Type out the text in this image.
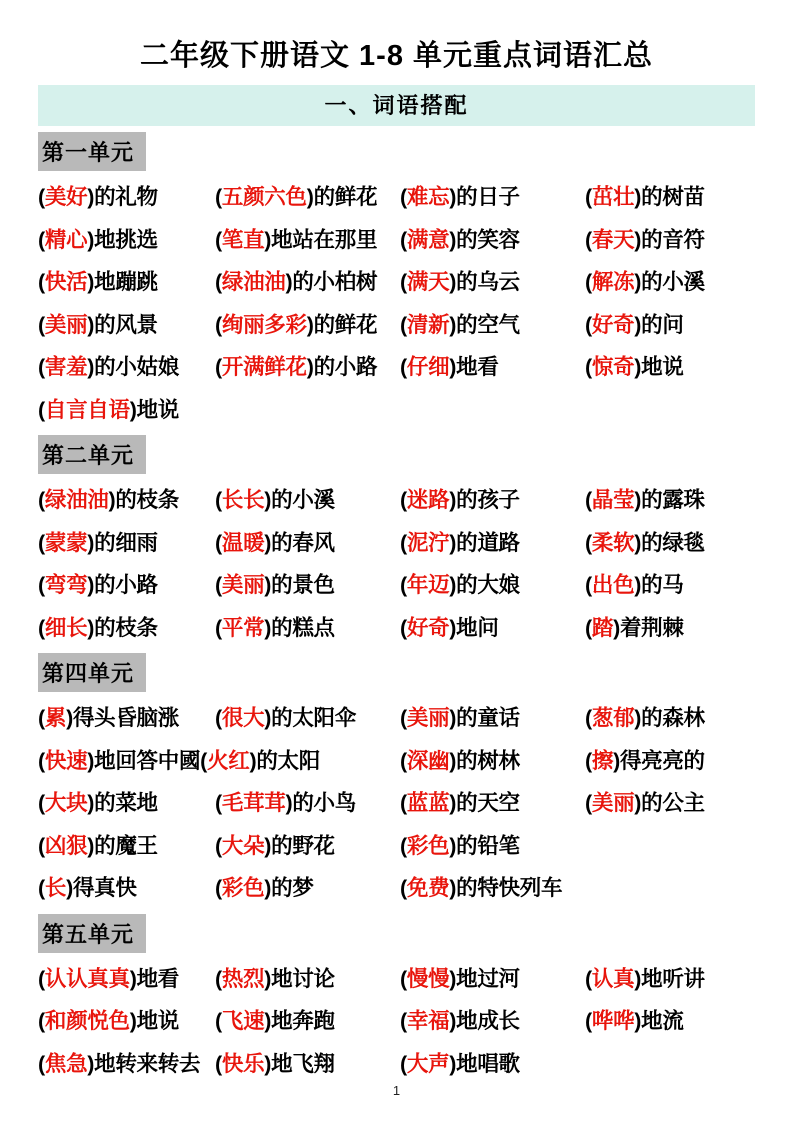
二年级下册语文 1-8 单元重点词语汇总
一、词语搭配
第一单元
(美好)的礼物	(五颜六色)的鲜花	(难忘)的日子	(茁壮)的树苗
(精心)地挑选	(笔直)地站在那里	(满意)的笑容	(春天)的音符
(快活)地蹦跳	(绿油油)的小柏树	(满天)的乌云	(解冻)的小溪
(美丽)的风景	(绚丽多彩)的鲜花	(清新)的空气	(好奇)的问
(害羞)的小姑娘	(开满鲜花)的小路	(仔细)地看	(惊奇)地说
(自言自语)地说
第二单元
(绿油油)的枝条	(长长)的小溪	(迷路)的孩子	(晶莹)的露珠
(蒙蒙)的细雨	(温暖)的春风	(泥泞)的道路	(柔软)的绿毯
(弯弯)的小路	(美丽)的景色	(年迈)的大娘	(出色)的马
(细长)的枝条	(平常)的糕点	(好奇)地问	(踏)着荆棘
第四单元
(累)得头昏脑涨	(很大)的太阳伞	(美丽)的童话	(葱郁)的森林
(快速)地回答中國(火红)的太阳	(深幽)的树林	(擦)得亮亮的
(大块)的菜地	(毛茸茸)的小鸟	(蓝蓝)的天空	(美丽)的公主
(凶狠)的魔王	(大朵)的野花	(彩色)的铅笔
(长)得真快	(彩色)的梦	(免费)的特快列车
第五单元
(认认真真)地看	(热烈)地讨论	(慢慢)地过河	(认真)地听讲
(和颜悦色)地说	(飞速)地奔跑	(幸福)地成长	(哗哗)地流
(焦急)地转来转去 (快乐)地飞翔	(大声)地唱歌
1
